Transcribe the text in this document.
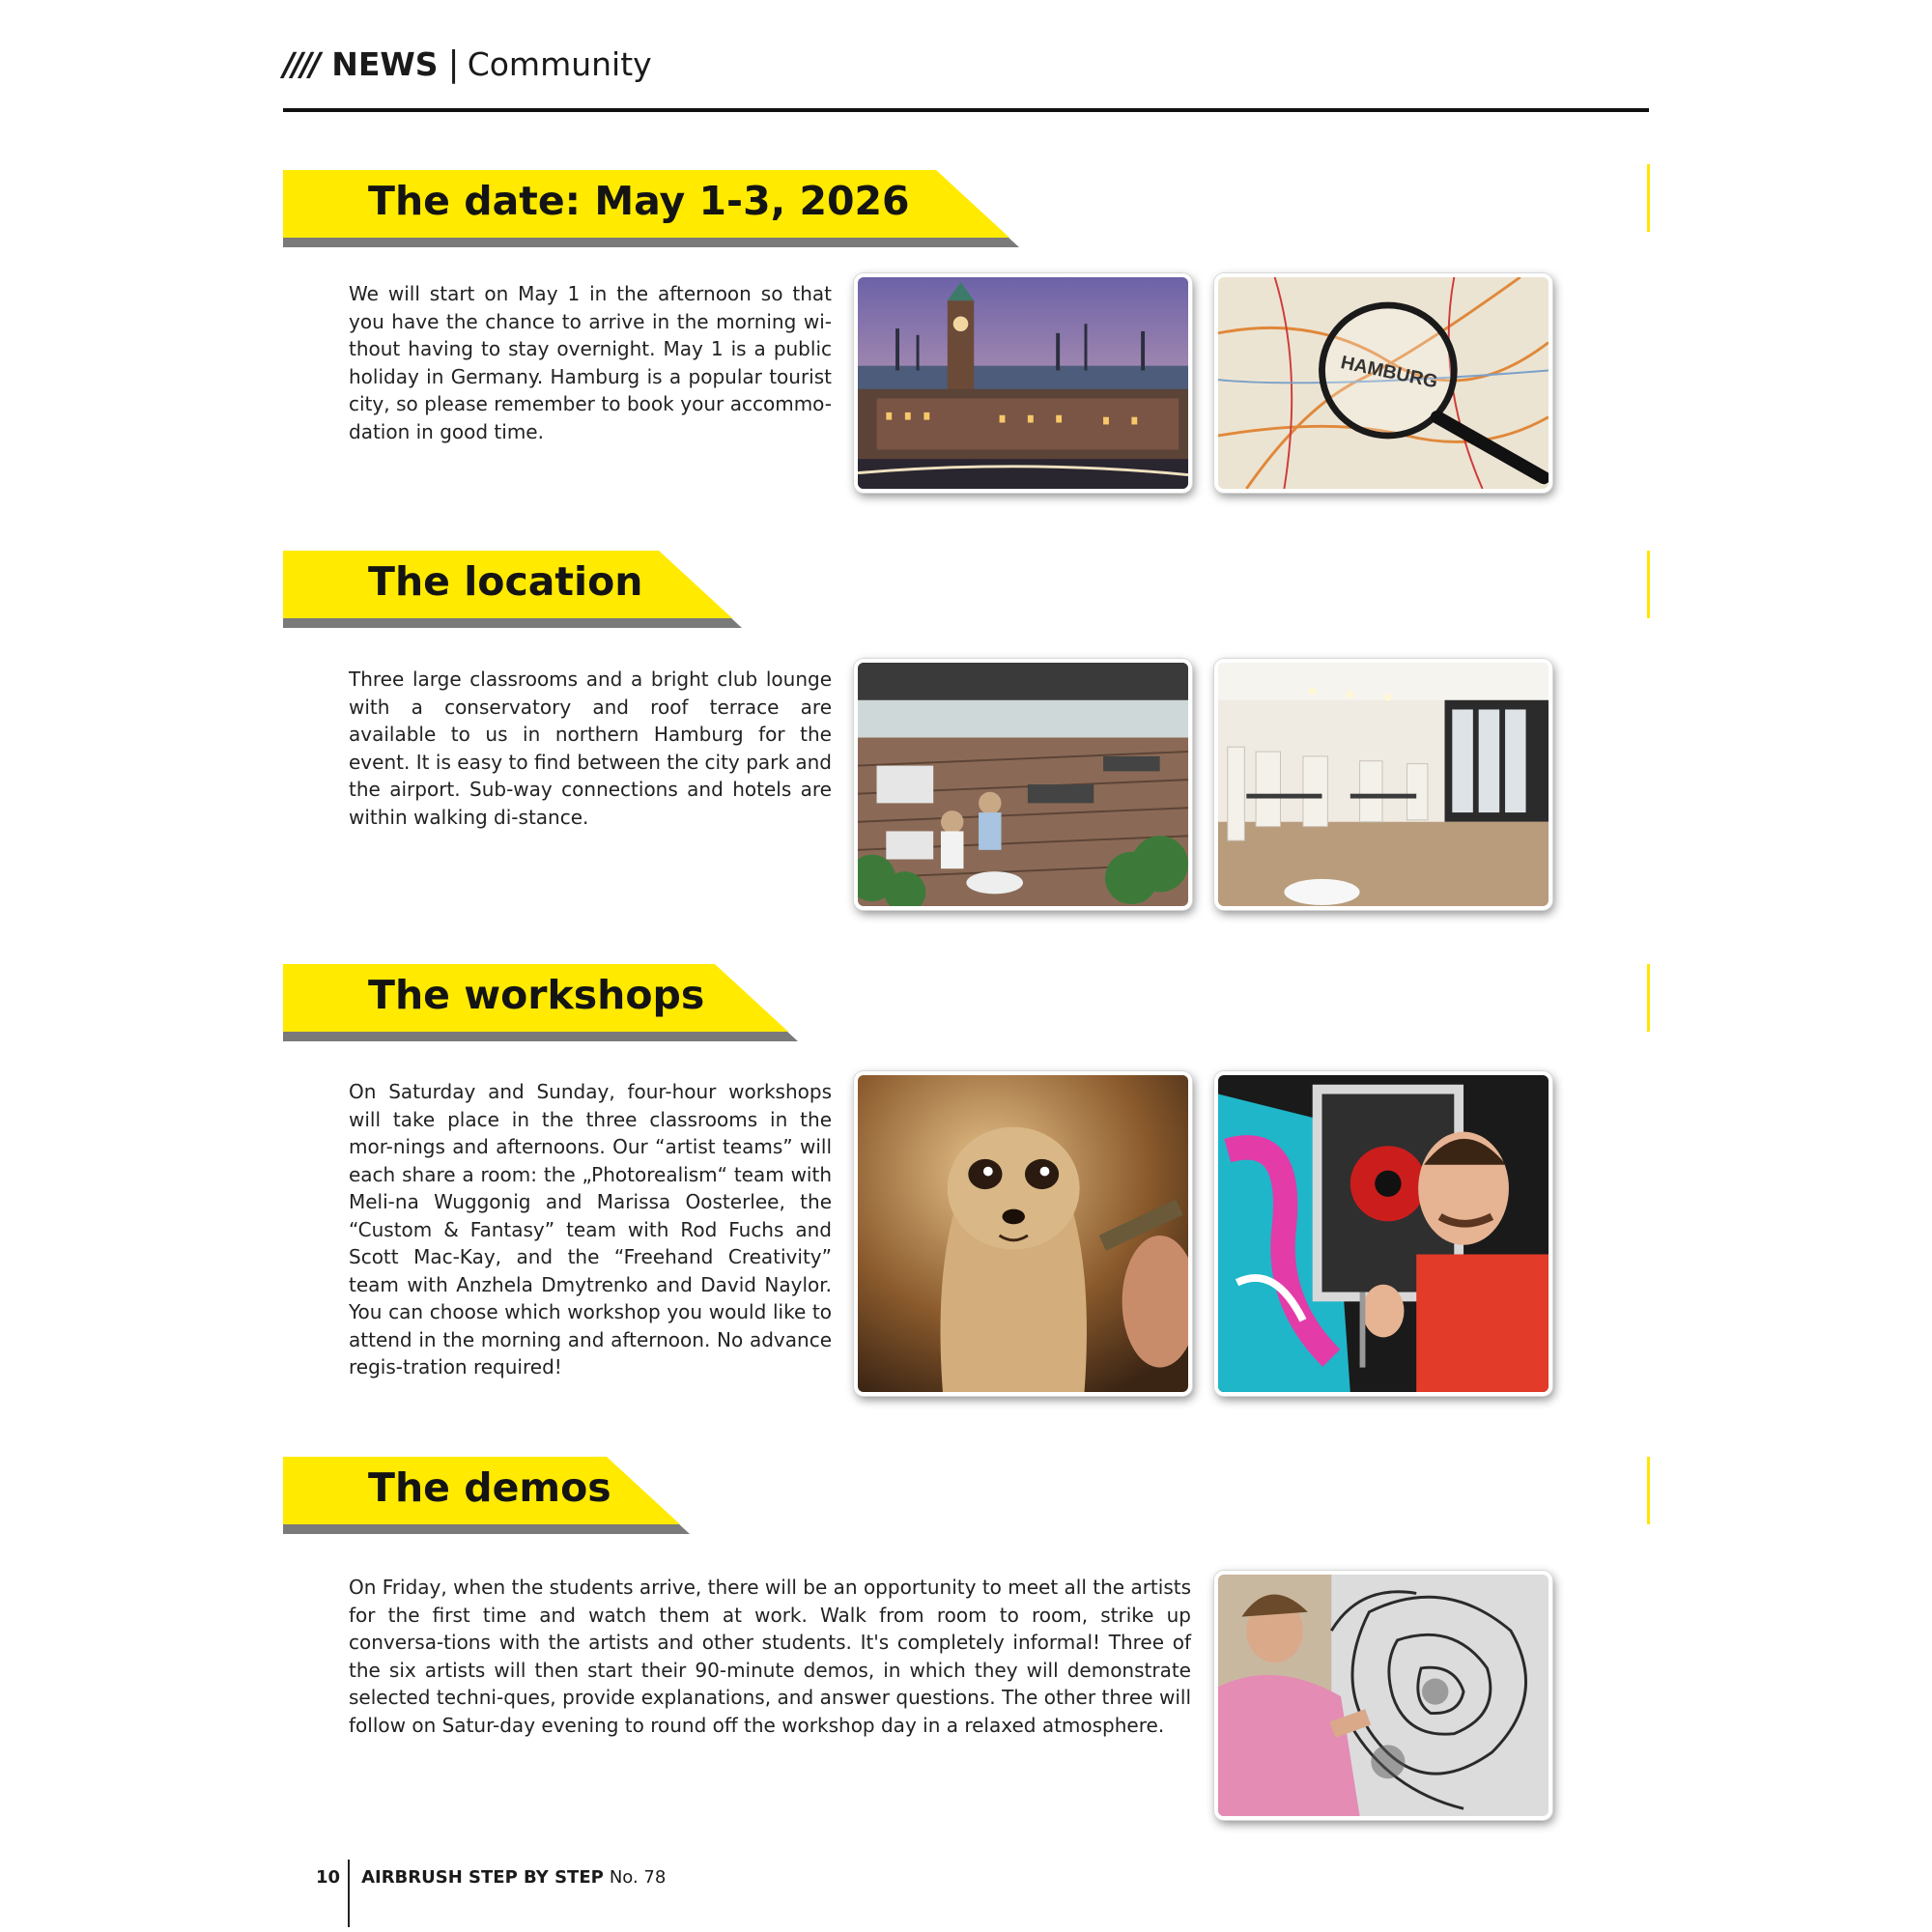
//// NEWS | Community
The date: May 1-3, 2026
We will start on May 1 in the afternoon so that you have the chance to arrive in the morning wi-thout having to stay overnight. May 1 is a public holiday in Germany. Hamburg is a popular tourist city, so please remember to book your accommo-dation in good time.
HAMBURG
The location
Three large classrooms and a bright club lounge with a conservatory and roof terrace are available to us in northern Hamburg for the event. It is easy to find between the city park and the airport. Sub-way connections and hotels are within walking di-stance.
The workshops
On Saturday and Sunday, four-hour workshops will take place in the three classrooms in the mor-nings and afternoons. Our “artist teams” will each share a room: the „Photorealism“ team with Meli-na Wuggonig and Marissa Oosterlee, the “Custom & Fantasy” team with Rod Fuchs and Scott Mac-Kay, and the “Freehand Creativity” team with Anzhela Dmytrenko and David Naylor. You can choose which workshop you would like to attend in the morning and afternoon. No advance regis-tration required!
The demos
On Friday, when the students arrive, there will be an opportunity to meet all the artists for the first time and watch them at work. Walk from room to room, strike up conversa-tions with the artists and other students. It's completely informal! Three of the six artists will then start their 90-minute demos, in which they will demonstrate selected techni-ques, provide explanations, and answer questions. The other three will follow on Satur-day evening to round off the workshop day in a relaxed atmosphere.
10 AIRBRUSH STEP BY STEP No. 78
